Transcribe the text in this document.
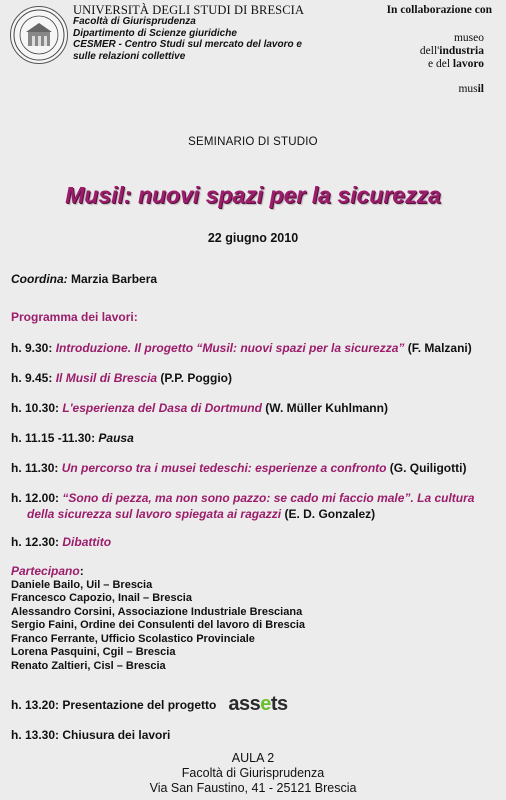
UNIVERSITÀ DEGLI STUDI DI BRESCIA
Facoltà di Giurisprudenza
Dipartimento di Scienze giuridiche
CESMER - Centro Studi sul mercato del lavoro e
sulle relazioni collettive
In collaborazione con
museo
dell'industria
e del lavoro
musil
SEMINARIO DI STUDIO
Musil: nuovi spazi per la sicurezza
22 giugno 2010
Coordina: Marzia Barbera
Programma dei lavori:
h. 9.30: Introduzione. Il progetto “Musil: nuovi spazi per la sicurezza” (F. Malzani)
h. 9.45: Il Musil di Brescia (P.P. Poggio)
h. 10.30: L'esperienza del Dasa di Dortmund (W. Müller Kuhlmann)
h. 11.15 -11.30: Pausa
h. 11.30: Un percorso tra i musei tedeschi: esperienze a confronto (G. Quiligotti)
h. 12.00: “Sono di pezza, ma non sono pazzo: se cado mi faccio male”. La cultura
della sicurezza sul lavoro spiegata ai ragazzi (E. D. Gonzalez)
h. 12.30: Dibattito
Partecipano:
Daniele Bailo, Uil – Brescia
Francesco Capozio, Inail – Brescia
Alessandro Corsini, Associazione Industriale Bresciana
Sergio Faini, Ordine dei Consulenti del lavoro di Brescia
Franco Ferrante, Ufficio Scolastico Provinciale
Lorena Pasquini, Cgil – Brescia
Renato Zaltieri, Cisl – Brescia
h. 13.20: Presentazione del progetto ass e ts
h. 13.30: Chiusura dei lavori
AULA 2
Facoltà di Giurisprudenza
Via San Faustino, 41 - 25121 Brescia
